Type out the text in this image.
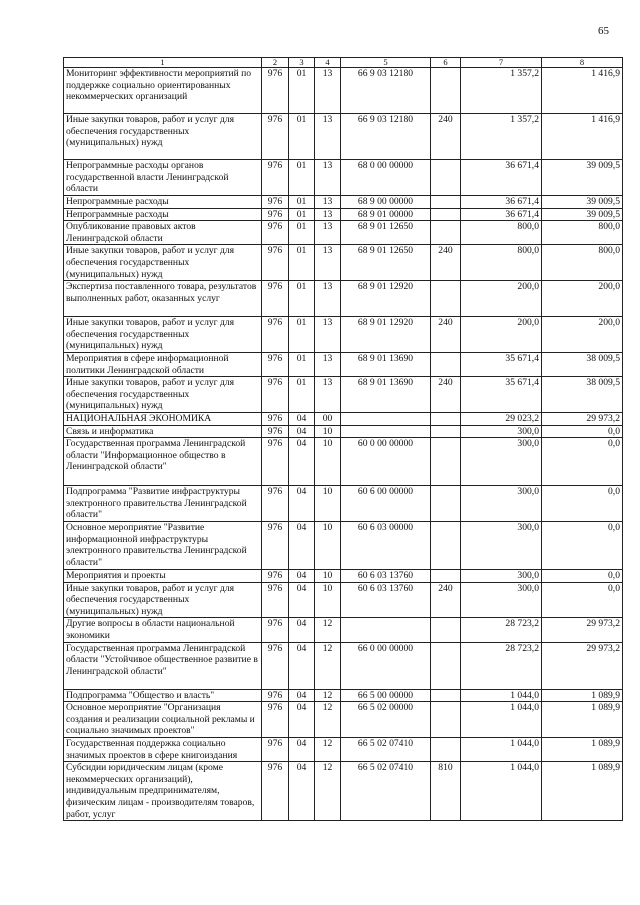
65
1	2	3	4	5	6	7	8
Мониторинг эффективности мероприятий по поддержке социально ориентированных некоммерческих организаций	976	01	13	66 9 03 12180		1 357,2	1 416,9
Иные закупки товаров, работ и услуг для обеспечения государственных (муниципальных) нужд	976	01	13	66 9 03 12180	240	1 357,2	1 416,9
Непрограммные расходы органов государственной власти Ленинградской области	976	01	13	68 0 00 00000		36 671,4	39 009,5
Непрограммные расходы	976	01	13	68 9 00 00000		36 671,4	39 009,5
Непрограммные расходы	976	01	13	68 9 01 00000		36 671,4	39 009,5
Опубликование правовых актов Ленинградской области	976	01	13	68 9 01 12650		800,0	800,0
Иные закупки товаров, работ и услуг для обеспечения государственных (муниципальных) нужд	976	01	13	68 9 01 12650	240	800,0	800,0
Экспертиза поставленного товара, результатов выполненных работ, оказанных услуг	976	01	13	68 9 01 12920		200,0	200,0
Иные закупки товаров, работ и услуг для обеспечения государственных (муниципальных) нужд	976	01	13	68 9 01 12920	240	200,0	200,0
Мероприятия в сфере информационной политики Ленинградской области	976	01	13	68 9 01 13690		35 671,4	38 009,5
Иные закупки товаров, работ и услуг для обеспечения государственных (муниципальных) нужд	976	01	13	68 9 01 13690	240	35 671,4	38 009,5
НАЦИОНАЛЬНАЯ ЭКОНОМИКА	976	04	00			29 023,2	29 973,2
Связь и информатика	976	04	10			300,0	0,0
Государственная программа Ленинградской области "Информационное общество в Ленинградской области"	976	04	10	60 0 00 00000		300,0	0,0
Подпрограмма "Развитие инфраструктуры электронного правительства Ленинградской области"	976	04	10	60 6 00 00000		300,0	0,0
Основное мероприятие "Развитие информационной инфраструктуры электронного правительства Ленинградской области"	976	04	10	60 6 03 00000		300,0	0,0
Мероприятия и проекты	976	04	10	60 6 03 13760		300,0	0,0
Иные закупки товаров, работ и услуг для обеспечения государственных (муниципальных) нужд	976	04	10	60 6 03 13760	240	300,0	0,0
Другие вопросы в области национальной экономики	976	04	12			28 723,2	29 973,2
Государственная программа Ленинградской области "Устойчивое общественное развитие в Ленинградской области"	976	04	12	66 0 00 00000		28 723,2	29 973,2
Подпрограмма "Общество и власть"	976	04	12	66 5 00 00000		1 044,0	1 089,9
Основное мероприятие "Организация создания и реализации социальной рекламы и социально значимых проектов"	976	04	12	66 5 02 00000		1 044,0	1 089,9
Государственная поддержка социально значимых проектов в сфере книгоиздания	976	04	12	66 5 02 07410		1 044,0	1 089,9
Субсидии юридическим лицам (кроме некоммерческих организаций), индивидуальным предпринимателям, физическим лицам - производителям товаров, работ, услуг	976	04	12	66 5 02 07410	810	1 044,0	1 089,9
